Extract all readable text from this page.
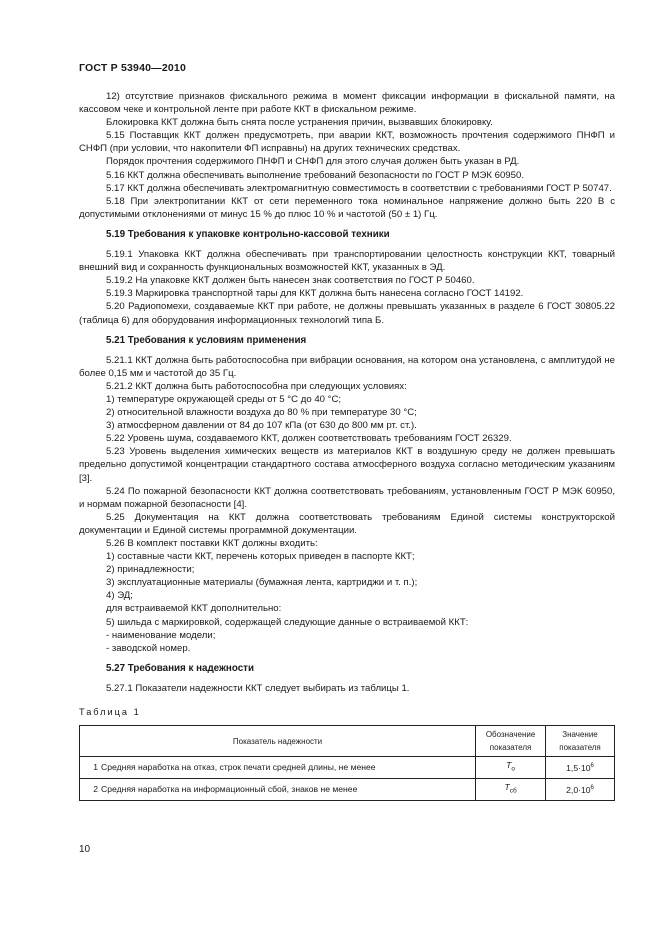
ГОСТ Р 53940—2010

12) отсутствие признаков фискального режима в момент фиксации информации в фискальной памяти, на кассовом чеке и контрольной ленте при работе ККТ в фискальном режиме.

Блокировка ККТ должна быть снята после устранения причин, вызвавших блокировку.

5.15 Поставщик ККТ должен предусмотреть, при аварии ККТ, возможность прочтения содержимого ПНФП и СНФП (при условии, что накопители ФП исправны) на других технических средствах.

Порядок прочтения содержимого ПНФП и СНФП для этого случая должен быть указан в РД.

5.16 ККТ должна обеспечивать выполнение требований безопасности по ГОСТ Р МЭК 60950.

5.17 ККТ должна обеспечивать электромагнитную совместимость в соответствии с требованиями ГОСТ Р 50747.

5.18 При электропитании ККТ от сети переменного тока номинальное напряжение должно быть 220 В с допустимыми отклонениями от минус 15 % до плюс 10 % и частотой (50 ± 1) Гц.

5.19 Требования к упаковке контрольно-кассовой техники

5.19.1 Упаковка ККТ должна обеспечивать при транспортировании целостность конструкции ККТ, товарный внешний вид и сохранность функциональных возможностей ККТ, указанных в ЭД.

5.19.2 На упаковке ККТ должен быть нанесен знак соответствия по ГОСТ Р 50460.

5.19.3 Маркировка транспортной тары для ККТ должна быть нанесена согласно ГОСТ 14192.

5.20 Радиопомехи, создаваемые ККТ при работе, не должны превышать указанных в разделе 6 ГОСТ 30805.22 (таблица 6) для оборудования информационных технологий типа Б.

5.21 Требования к условиям применения

5.21.1 ККТ должна быть работоспособна при вибрации основания, на котором она установлена, с амплитудой не более 0,15 мм и частотой до 35 Гц.

5.21.2 ККТ должна быть работоспособна при следующих условиях:

1) температуре окружающей среды от 5 °С до 40 °С;

2) относительной влажности воздуха до 80 % при температуре 30 °С;

3) атмосферном давлении от 84 до 107 кПа (от 630 до 800 мм рт. ст.).

5.22 Уровень шума, создаваемого ККТ, должен соответствовать требованиям ГОСТ 26329.

5.23 Уровень выделения химических веществ из материалов ККТ в воздушную среду не должен превышать предельно допустимой концентрации стандартного состава атмосферного воздуха согласно методическим указаниям [3].

5.24 По пожарной безопасности ККТ должна соответствовать требованиям, установленным ГОСТ Р МЭК 60950, и нормам пожарной безопасности [4].

5.25 Документация на ККТ должна соответствовать требованиям Единой системы конструкторской документации и Единой системы программной документации.

5.26 В комплект поставки ККТ должны входить:

1) составные части ККТ, перечень которых приведен в паспорте ККТ;

2) принадлежности;

3) эксплуатационные материалы (бумажная лента, картриджи и т. п.);

4) ЭД;

для встраиваемой ККТ дополнительно:

5) шильда с маркировкой, содержащей следующие данные о встраиваемой ККТ:

- наименование модели;

- заводской номер.

5.27 Требования к надежности

5.27.1 Показатели надежности ККТ следует выбирать из таблицы 1.

Таблица 1

Показатель надежности	Обозначение показателя	Значение показателя
1 Средняя наработка на отказ, строк печати средней длины, не менее	$T_о$	$1,5\cdot 10^6$
2 Средняя наработка на информационный сбой, знаков не менее	$T_{сб}$	$2,0\cdot 10^6$
10
